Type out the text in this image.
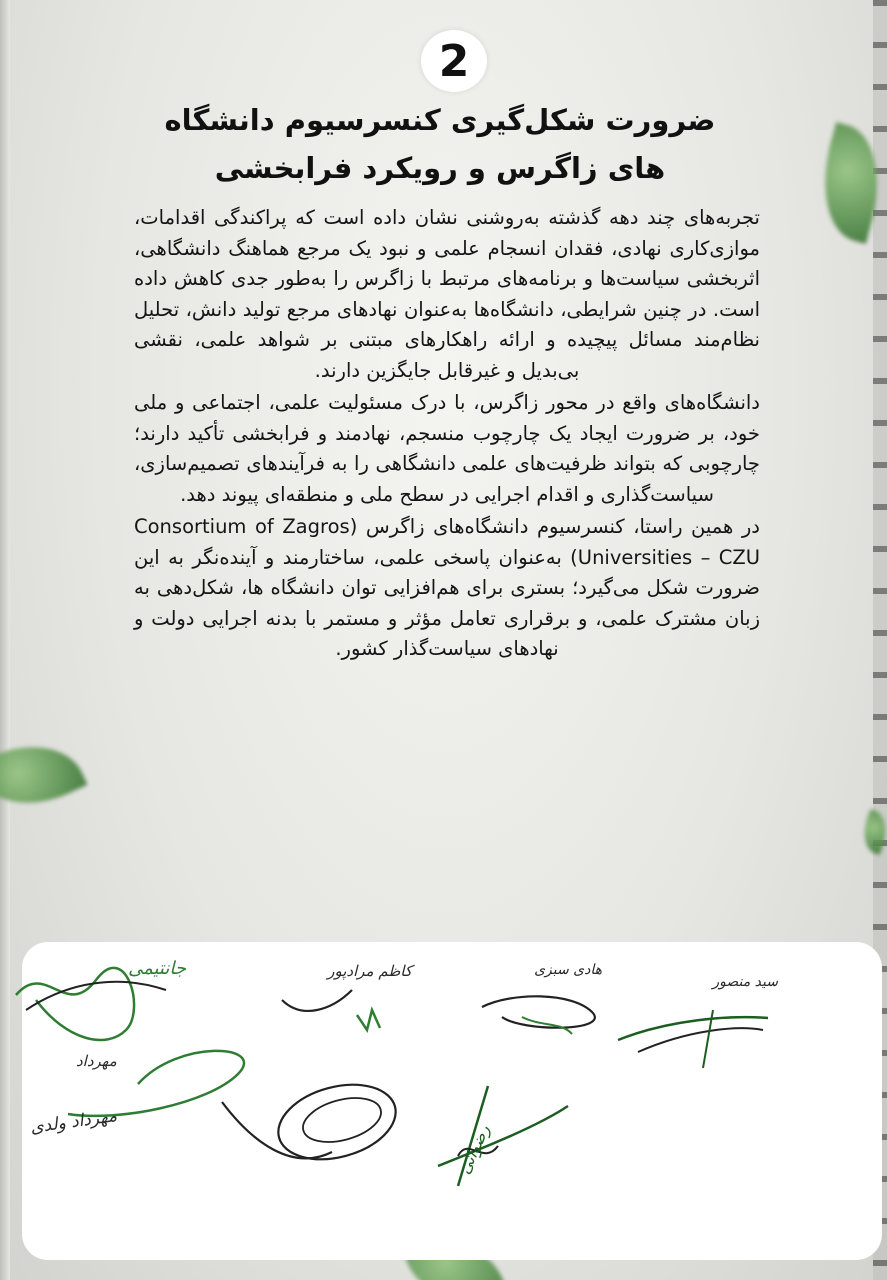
2
ضرورت شکل‌گیری کنسرسیوم دانشگاه
های زاگرس و رویکرد فرابخشی

تجربه‌های چند دهه گذشته به‌روشنی نشان داده است که پراکندگی اقدامات، موازی‌کاری نهادی، فقدان انسجام علمی و نبود یک مرجع هماهنگ دانشگاهی، اثربخشی سیاست‌ها و برنامه‌های مرتبط با زاگرس را به‌طور جدی کاهش داده است. در چنین شرایطی، دانشگاه‌ها به‌عنوان نهادهای مرجع تولید دانش، تحلیل نظام‌مند مسائل پیچیده و ارائه راهکارهای مبتنی بر شواهد علمی، نقشی بی‌بدیل و غیرقابل جایگزین دارند.

دانشگاه‌های واقع در محور زاگرس، با درک مسئولیت علمی، اجتماعی و ملی خود، بر ضرورت ایجاد یک چارچوب منسجم، نهادمند و فرابخشی تأکید دارند؛ چارچوبی که بتواند ظرفیت‌های علمی دانشگاهی را به فرآیندهای تصمیم‌سازی، سیاست‌گذاری و اقدام اجرایی در سطح ملی و منطقه‌ای پیوند دهد.

در همین راستا، کنسرسیوم دانشگاه‌های زاگرس (Consortium of Zagros Universities – CZU) به‌عنوان پاسخی علمی، ساختارمند و آینده‌نگر به این ضرورت شکل می‌گیرد؛ بستری برای هم‌افزایی توان دانشگاه ها، شکل‌دهی به زبان مشترک علمی، و برقراری تعامل مؤثر و مستمر با بدنه اجرایی دولت و نهادهای سیاست‌گذار کشور.

جانتیمی	کاظم مرادپور	هادی سبزی
سید منصور
مهرداد
مهرداد ولدی
رضوانی
